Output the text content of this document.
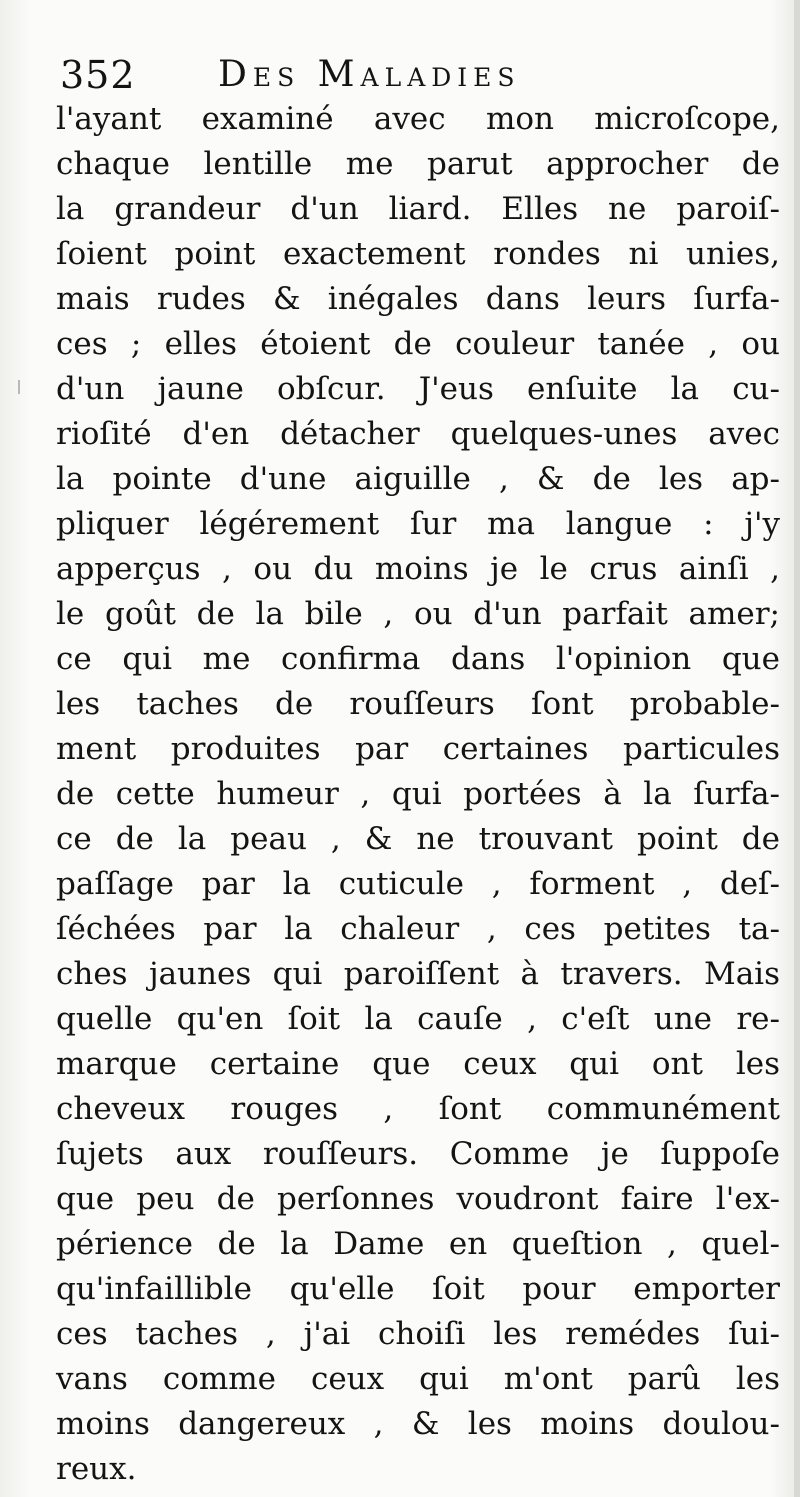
352 Des Maladies
l'ayant examiné avec mon microſcope,
chaque lentille me parut approcher de
la grandeur d'un liard. Elles ne paroiſ-
ſoient point exactement rondes ni unies,
mais rudes & inégales dans leurs ſurfa-
ces ; elles étoient de couleur tanée , ou
d'un jaune obſcur. J'eus enſuite la cu-
rioſité d'en détacher quelques-unes avec
la pointe d'une aiguille , & de les ap-
pliquer légérement ſur ma langue : j'y
apperçus , ou du moins je le crus ainſi ,
le goût de la bile , ou d'un parfait amer;
ce qui me confirma dans l'opinion que
les taches de rouſſeurs ſont probable-
ment produites par certaines particules
de cette humeur , qui portées à la ſurfa-
ce de la peau , & ne trouvant point de
paſſage par la cuticule , forment , deſ-
ſéchées par la chaleur , ces petites ta-
ches jaunes qui paroiſſent à travers. Mais
quelle qu'en ſoit la cauſe , c'eſt une re-
marque certaine que ceux qui ont les
cheveux rouges , ſont communément
ſujets aux rouſſeurs. Comme je ſuppoſe
que peu de perſonnes voudront faire l'ex-
périence de la Dame en queſtion , quel-
qu'infaillible qu'elle ſoit pour emporter
ces taches , j'ai choiſi les remédes ſui-
vans comme ceux qui m'ont parû les
moins dangereux , & les moins doulou-
reux.
